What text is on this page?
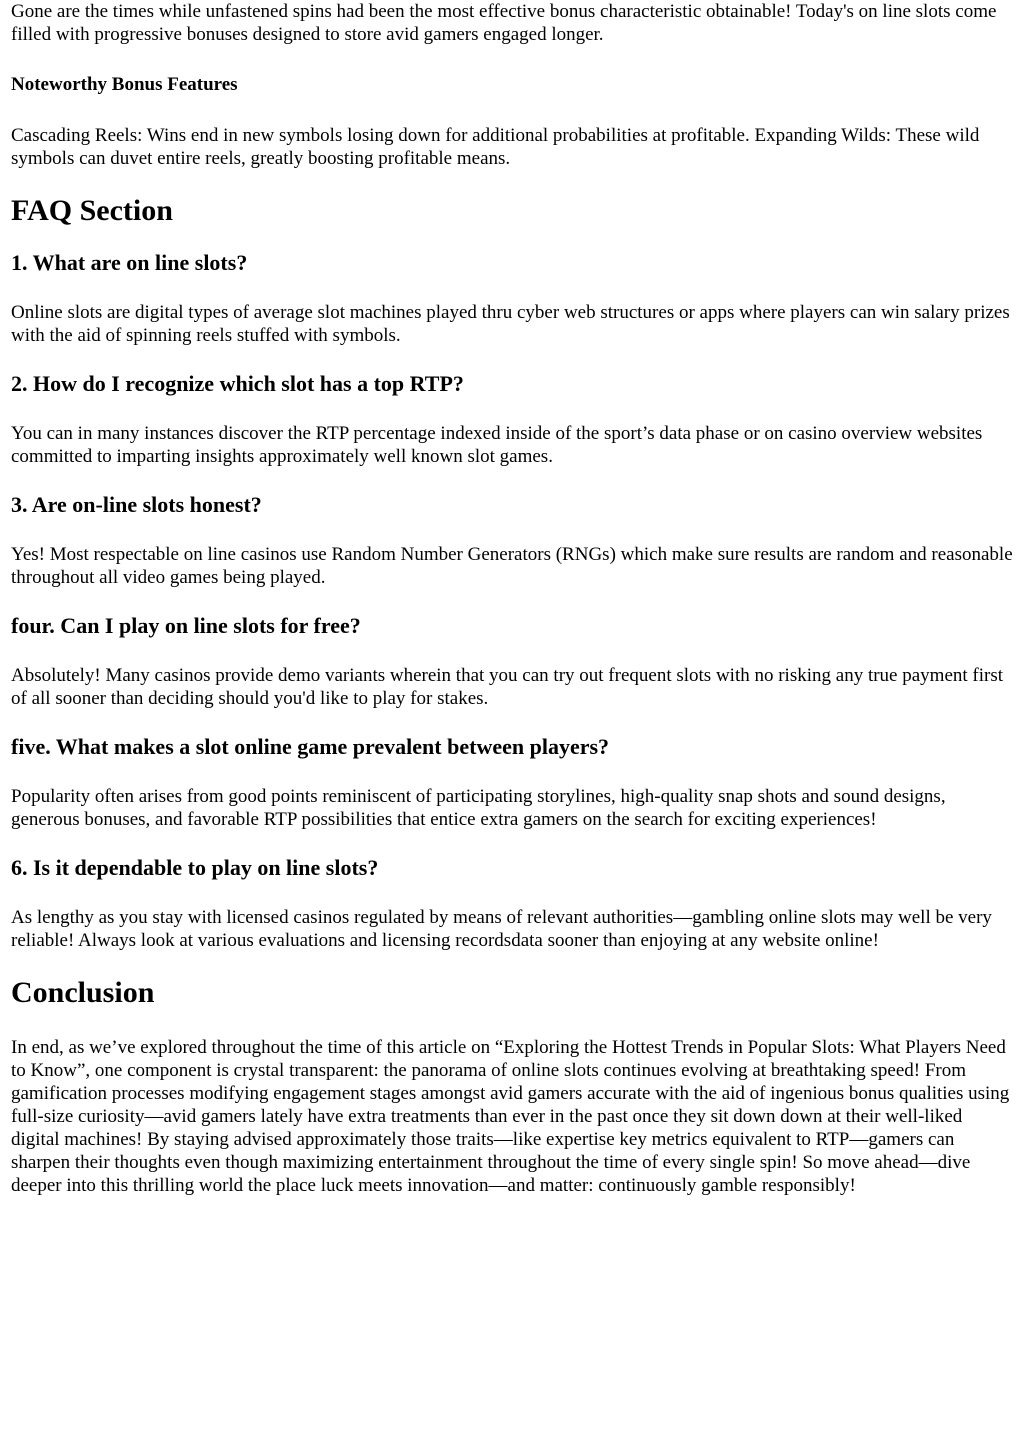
Gone are the times while unfastened spins had been the most effective bonus characteristic obtainable! Today's on line slots come filled with progressive bonuses designed to store avid gamers engaged longer.

Noteworthy Bonus Features

Cascading Reels: Wins end in new symbols losing down for additional probabilities at profitable. Expanding Wilds: These wild symbols can duvet entire reels, greatly boosting profitable means.

FAQ Section
1. What are on line slots?

Online slots are digital types of average slot machines played thru cyber web structures or apps where players can win salary prizes with the aid of spinning reels stuffed with symbols.

2. How do I recognize which slot has a top RTP?

You can in many instances discover the RTP percentage indexed inside of the sport’s data phase or on casino overview websites committed to imparting insights approximately well known slot games.

3. Are on-line slots honest?

Yes! Most respectable on line casinos use Random Number Generators (RNGs) which make sure results are random and reasonable throughout all video games being played.

four. Can I play on line slots for free?

Absolutely! Many casinos provide demo variants wherein that you can try out frequent slots with no risking any true payment first of all sooner than deciding should you'd like to play for stakes.

five. What makes a slot online game prevalent between players?

Popularity often arises from good points reminiscent of participating storylines, high-quality snap shots and sound designs, generous bonuses, and favorable RTP possibilities that entice extra gamers on the search for exciting experiences!

6. Is it dependable to play on line slots?

As lengthy as you stay with licensed casinos regulated by means of relevant authorities—gambling online slots may well be very reliable! Always look at various evaluations and licensing recordsdata sooner than enjoying at any website online!

Conclusion

In end, as we’ve explored throughout the time of this article on “Exploring the Hottest Trends in Popular Slots: What Players Need to Know”, one component is crystal transparent: the panorama of online slots continues evolving at breathtaking speed! From gamification processes modifying engagement stages amongst avid gamers accurate with the aid of ingenious bonus qualities using full-size curiosity—avid gamers lately have extra treatments than ever in the past once they sit down down at their well-liked digital machines! By staying advised approximately those traits—like expertise key metrics equivalent to RTP—gamers can sharpen their thoughts even though maximizing entertainment throughout the time of every single spin! So move ahead—dive deeper into this thrilling world the place luck meets innovation—and matter: continuously gamble responsibly!
